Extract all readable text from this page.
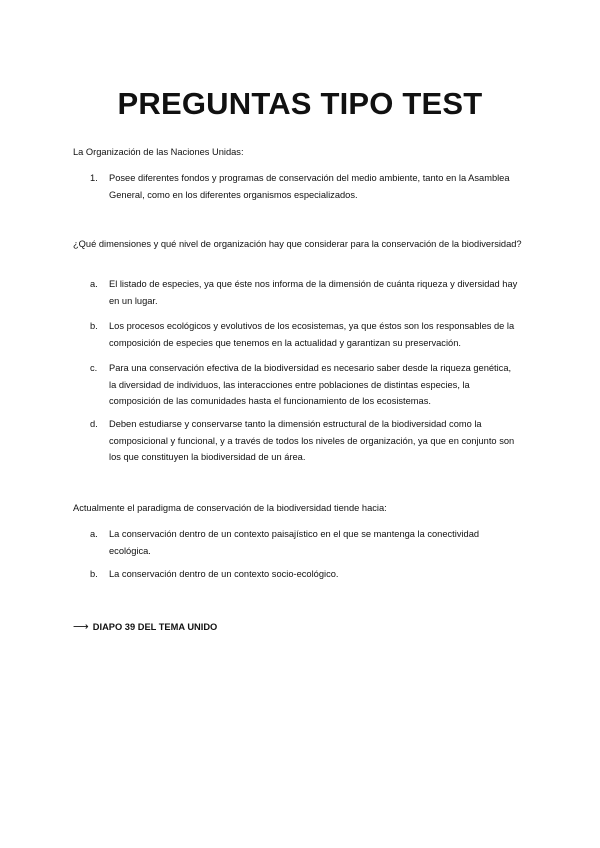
PREGUNTAS TIPO TEST

La Organización de las Naciones Unidas:

1.	Posee diferentes fondos y programas de conservación del medio ambiente, tanto en la Asamblea General, como en los diferentes organismos especializados.

¿Qué dimensiones y qué nivel de organización hay que considerar para la conservación de la biodiversidad?

a.	El listado de especies, ya que éste nos informa de la dimensión de cuánta riqueza y diversidad hay en un lugar.
b.	Los procesos ecológicos y evolutivos de los ecosistemas, ya que éstos son los responsables de la composición de especies que tenemos en la actualidad y garantizan su preservación.
c.	Para una conservación efectiva de la biodiversidad es necesario saber desde la riqueza genética, la diversidad de individuos, las interacciones entre poblaciones de distintas especies, la composición de las comunidades hasta el funcionamiento de los ecosistemas.
d.	Deben estudiarse y conservarse tanto la dimensión estructural de la biodiversidad como la composicional y funcional, y a través de todos los niveles de organización, ya que en conjunto son los que constituyen la biodiversidad de un área.

Actualmente el paradigma de conservación de la biodiversidad tiende hacia:

a.	La conservación dentro de un contexto paisajístico en el que se mantenga la conectividad ecológica.
b.	La conservación dentro de un contexto socio-ecológico.
⟶ DIAPO 39 DEL TEMA UNIDO
